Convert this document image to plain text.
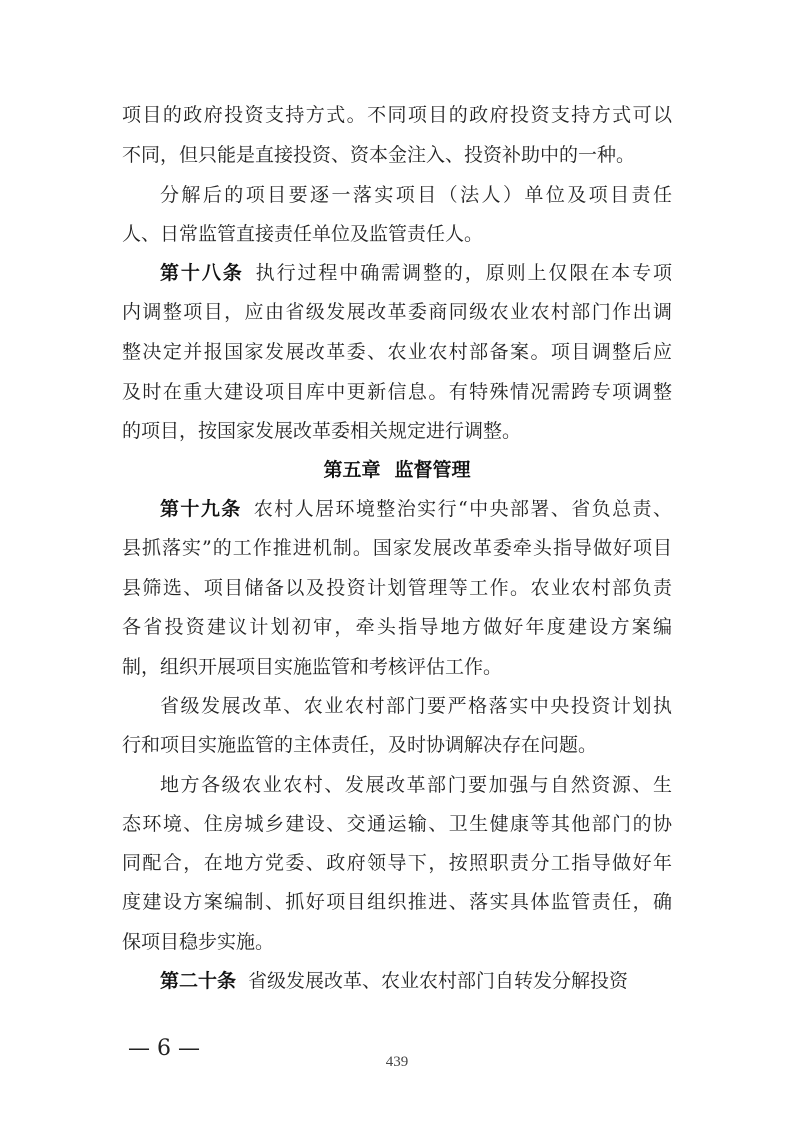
项目的政府投资支持方式。不同项目的政府投资支持方式可以
不同，但只能是直接投资、资本金注入、投资补助中的一种。
分解后的项目要逐一落实项目（法人）单位及项目责任
人、日常监管直接责任单位及监管责任人。
第十八条 执行过程中确需调整的，原则上仅限在本专项
内调整项目，应由省级发展改革委商同级农业农村部门作出调
整决定并报国家发展改革委、农业农村部备案。项目调整后应
及时在重大建设项目库中更新信息。有特殊情况需跨专项调整
的项目，按国家发展改革委相关规定进行调整。
第五章 监督管理
第十九条 农村人居环境整治实行“中央部署、省负总责、
县抓落实”的工作推进机制。国家发展改革委牵头指导做好项目
县筛选、项目储备以及投资计划管理等工作。农业农村部负责
各省投资建议计划初审，牵头指导地方做好年度建设方案编
制，组织开展项目实施监管和考核评估工作。
省级发展改革、农业农村部门要严格落实中央投资计划执
行和项目实施监管的主体责任，及时协调解决存在问题。
地方各级农业农村、发展改革部门要加强与自然资源、生
态环境、住房城乡建设、交通运输、卫生健康等其他部门的协
同配合，在地方党委、政府领导下，按照职责分工指导做好年
度建设方案编制、抓好项目组织推进、落实具体监管责任，确
保项目稳步实施。
第二十条 省级发展改革、农业农村部门自转发分解投资
— 6 —
439
